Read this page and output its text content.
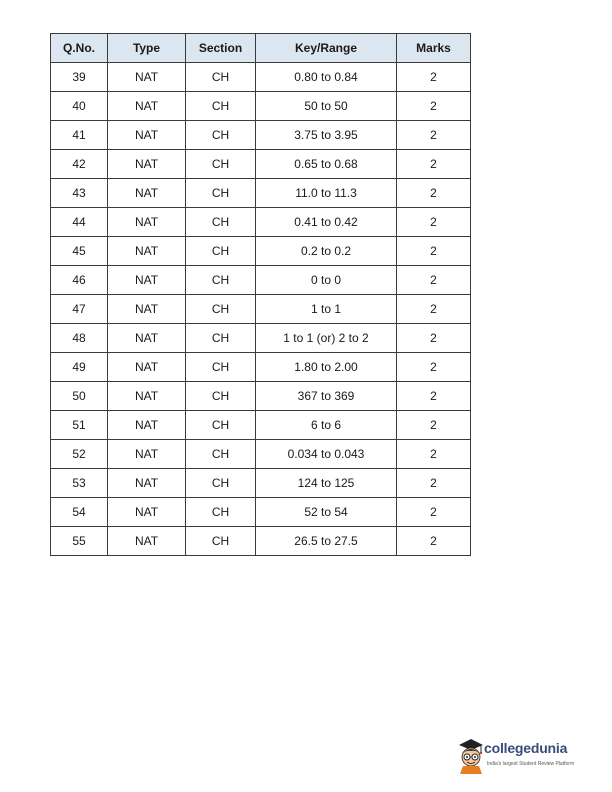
Q.No.	Type	Section	Key/Range	Marks
39	NAT	CH	0.80 to 0.84	2
40	NAT	CH	50 to 50	2
41	NAT	CH	3.75 to 3.95	2
42	NAT	CH	0.65 to 0.68	2
43	NAT	CH	11.0 to 11.3	2
44	NAT	CH	0.41 to 0.42	2
45	NAT	CH	0.2 to 0.2	2
46	NAT	CH	0 to 0	2
47	NAT	CH	1 to 1	2
48	NAT	CH	1 to 1 (or) 2 to 2	2
49	NAT	CH	1.80 to 2.00	2
50	NAT	CH	367 to 369	2
51	NAT	CH	6 to 6	2
52	NAT	CH	0.034 to 0.043	2
53	NAT	CH	124 to 125	2
54	NAT	CH	52 to 54	2
55	NAT	CH	26.5 to 27.5	2
collegedunia
India's largest Student Review Platform
